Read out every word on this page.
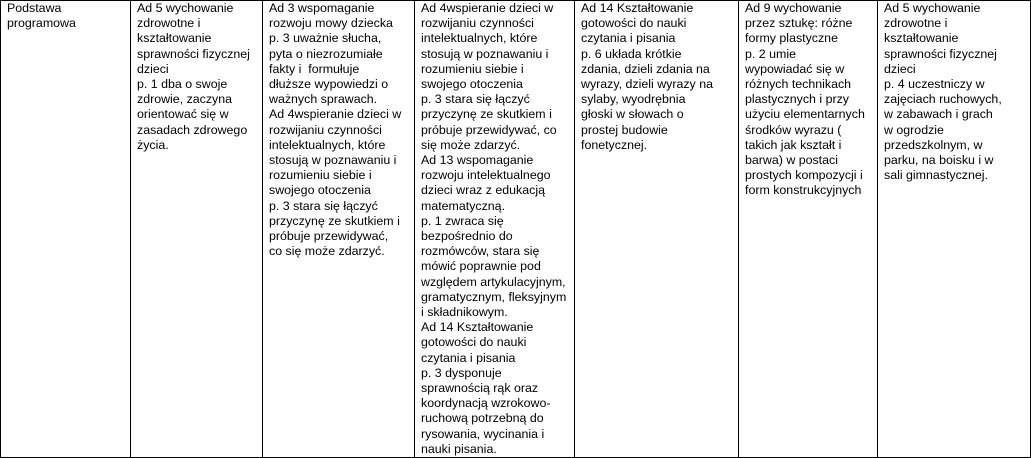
Podstawa
programowa

Ad 5 wychowanie
zdrowotne i
kształtowanie
sprawności fizycznej
dzieci
p. 1 dba o swoje
zdrowie, zaczyna
orientować się w
zasadach zdrowego
życia.

Ad 3 wspomaganie
rozwoju mowy dziecka
p. 3 uważnie słucha,
pyta o niezrozumiałe
fakty i  formułuje
dłuższe wypowiedzi o
ważnych sprawach.
Ad 4wspieranie dzieci w
rozwijaniu czynności
intelektualnych, które
stosują w poznawaniu i
rozumieniu siebie i
swojego otoczenia
p. 3 stara się łączyć
przyczynę ze skutkiem i
próbuje przewidywać,
co się może zdarzyć.

Ad 4wspieranie dzieci w
rozwijaniu czynności
intelektualnych, które
stosują w poznawaniu i
rozumieniu siebie i
swojego otoczenia
p. 3 stara się łączyć
przyczynę ze skutkiem i
próbuje przewidywać, co
się może zdarzyć.
Ad 13 wspomaganie
rozwoju intelektualnego
dzieci wraz z edukacją
matematyczną.
p. 1 zwraca się
bezpośrednio do
rozmówców, stara się
mówić poprawnie pod
względem artykulacyjnym,
gramatycznym, fleksyjnym
i składnikowym.
Ad 14 Kształtowanie
gotowości do nauki
czytania i pisania
p. 3 dysponuje
sprawnością rąk oraz
koordynacją wzrokowo-
ruchową potrzebną do
rysowania, wycinania i
nauki pisania.

Ad 14 Kształtowanie
gotowości do nauki
czytania i pisania
p. 6 układa krótkie
zdania, dzieli zdania na
wyrazy, dzieli wyrazy na
sylaby, wyodrębnia
głoski w słowach o
prostej budowie
fonetycznej.

Ad 9 wychowanie
przez sztukę: różne
formy plastyczne
p. 2 umie
wypowiadać się w
różnych technikach
plastycznych i przy
użyciu elementarnych
środków wyrazu (
takich jak kształt i
barwa) w postaci
prostych kompozycji i
form konstrukcyjnych

Ad 5 wychowanie
zdrowotne i
kształtowanie
sprawności fizycznej
dzieci
p. 4 uczestniczy w
zajęciach ruchowych,
w zabawach i grach
w ogrodzie
przedszkolnym, w
parku, na boisku i w
sali gimnastycznej.
